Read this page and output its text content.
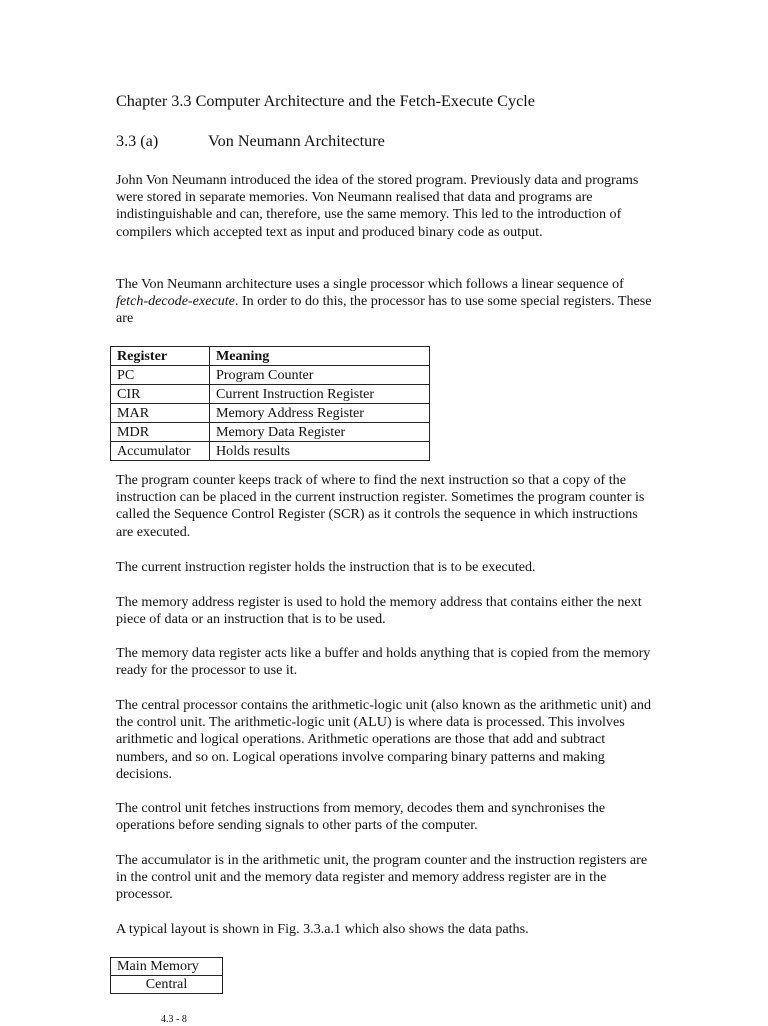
Chapter 3.3 Computer Architecture and the Fetch-Execute Cycle
3.3 (a)	Von Neumann Architecture

John Von Neumann introduced the idea of the stored program. Previously data and programs were stored in separate memories. Von Neumann realised that data and programs are indistinguishable and can, therefore, use the same memory. This led to the introduction of compilers which accepted text as input and produced binary code as output.

The Von Neumann architecture uses a single processor which follows a linear sequence of fetch-decode-execute. In order to do this, the processor has to use some special registers. These are

Register	Meaning
PC	Program Counter
CIR	Current Instruction Register
MAR	Memory Address Register
MDR	Memory Data Register
Accumulator	Holds results

The program counter keeps track of where to find the next instruction so that a copy of the instruction can be placed in the current instruction register. Sometimes the program counter is called the Sequence Control Register (SCR) as it controls the sequence in which instructions are executed.

The current instruction register holds the instruction that is to be executed.

The memory address register is used to hold the memory address that contains either the next piece of data or an instruction that is to be used.

The memory data register acts like a buffer and holds anything that is copied from the memory ready for the processor to use it.

The central processor contains the arithmetic-logic unit (also known as the arithmetic unit) and the control unit. The arithmetic-logic unit (ALU) is where data is processed. This involves arithmetic and logical operations. Arithmetic operations are those that add and subtract numbers, and so on. Logical operations involve comparing binary patterns and making decisions.

The control unit fetches instructions from memory, decodes them and synchronises the operations before sending signals to other parts of the computer.

The accumulator is in the arithmetic unit, the program counter and the instruction registers are in the control unit and the memory data register and memory address register are in the processor.

A typical layout is shown in Fig. 3.3.a.1 which also shows the data paths.

Main Memory
Central
4.3 - 8
